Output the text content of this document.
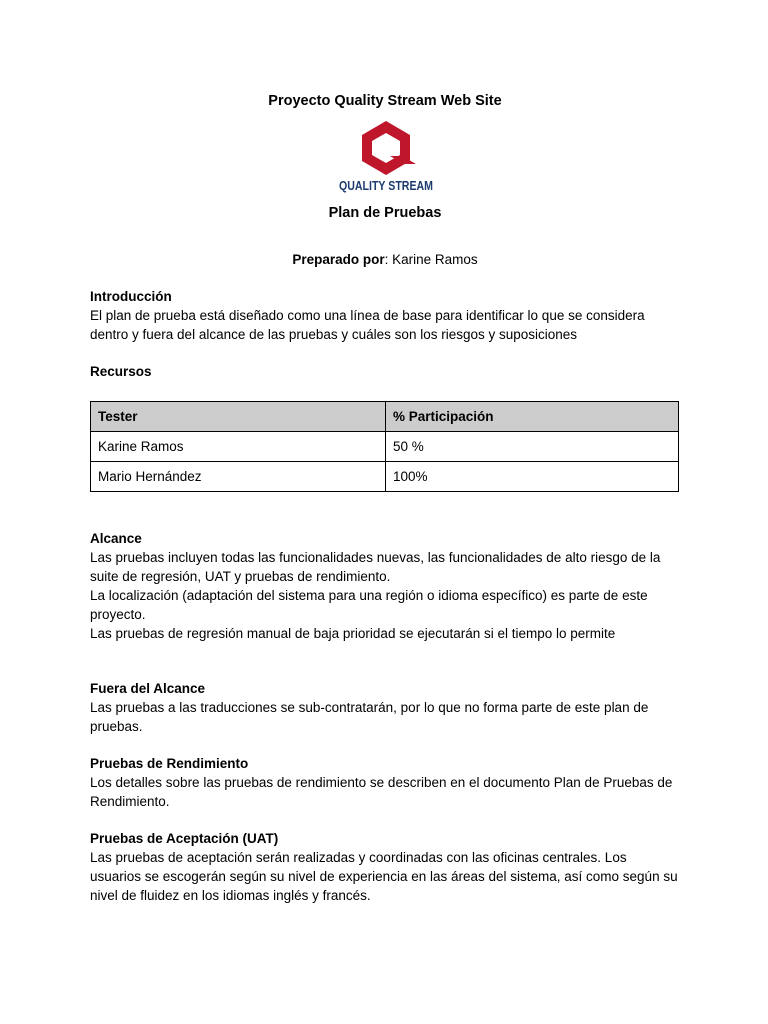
Proyecto Quality Stream Web Site
QUALITY STREAM
Plan de Pruebas
Preparado por: Karine Ramos
Introducción

El plan de prueba está diseñado como una línea de base para identificar lo que se considera dentro y fuera del alcance de las pruebas y cuáles son los riesgos y suposiciones

Recursos
Tester	% Participación
Karine Ramos	50 %
Mario Hernández	100%
Alcance

Las pruebas incluyen todas las funcionalidades nuevas, las funcionalidades de alto riesgo de la suite de regresión, UAT y pruebas de rendimiento.

La localización (adaptación del sistema para una región o idioma específico) es parte de este proyecto.

Las pruebas de regresión manual de baja prioridad se ejecutarán si el tiempo lo permite

Fuera del Alcance

Las pruebas a las traducciones se sub-contratarán, por lo que no forma parte de este plan de pruebas.

Pruebas de Rendimiento

Los detalles sobre las pruebas de rendimiento se describen en el documento Plan de Pruebas de Rendimiento.

Pruebas de Aceptación (UAT)

Las pruebas de aceptación serán realizadas y coordinadas con las oficinas centrales. Los usuarios se escogerán según su nivel de experiencia en las áreas del sistema, así como según su nivel de fluidez en los idiomas inglés y francés.
